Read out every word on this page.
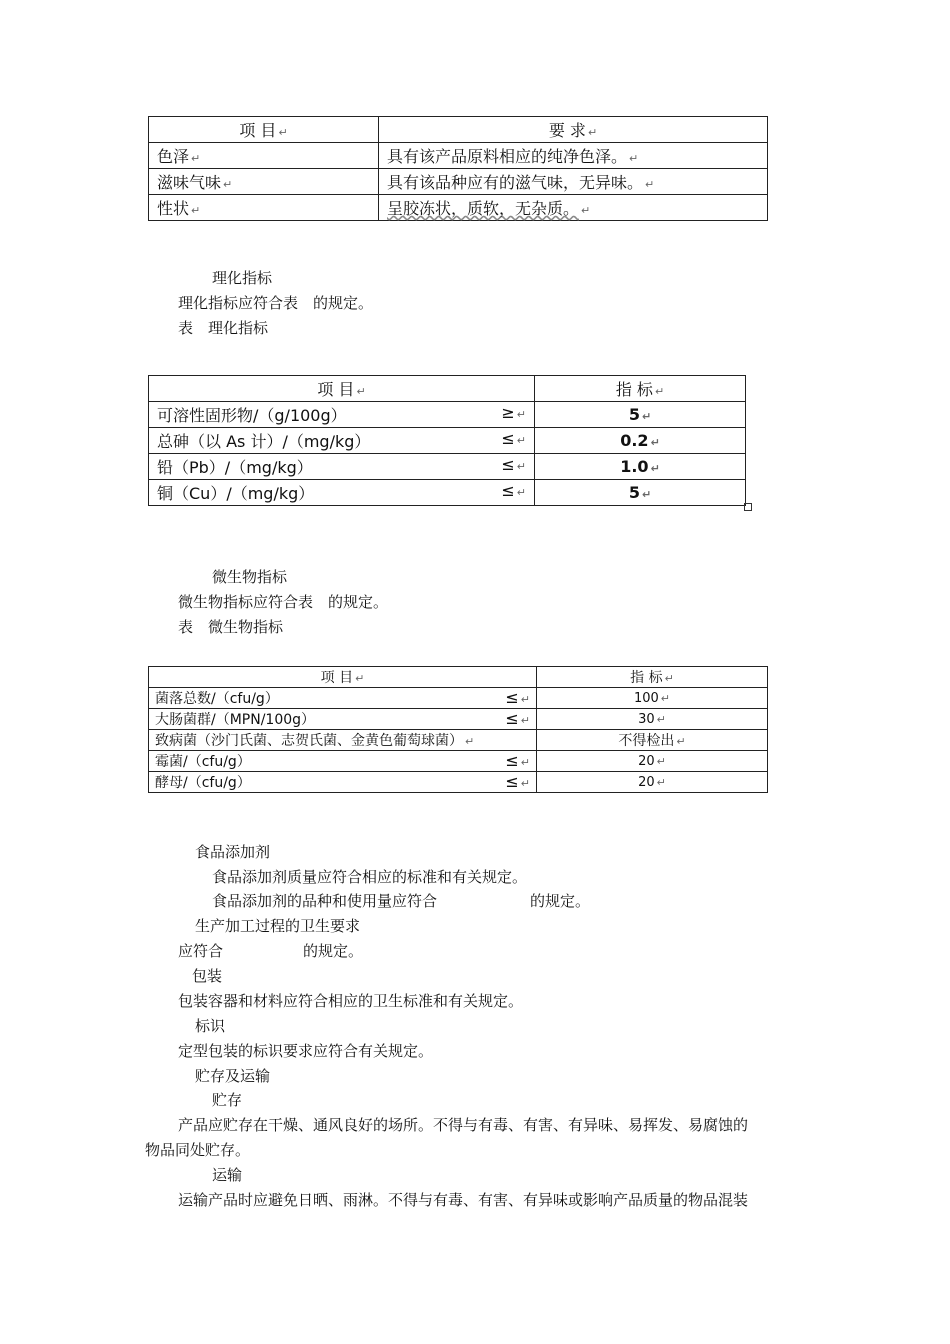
项 目 ↵	要 求 ↵
色泽 ↵	具有该产品原料相应的纯净色泽。 ↵
滋味气味 ↵	具有该品种应有的滋气味，无异味。 ↵
性状 ↵	呈胶冻状，质软，无杂质。 ↵
理化指标
理化指标应符合表　的规定。
表　理化指标
项 目 ↵	指 标 ↵
可溶性固形物/（g/100g） ≥ ↵	5 ↵
总砷（以 As 计）/（mg/kg） ≤ ↵	0.2 ↵
铅（Pb）/（mg/kg） ≤ ↵	1.0 ↵
铜（Cu）/（mg/kg） ≤ ↵	5 ↵
微生物指标
微生物指标应符合表　的规定。
表　微生物指标
项 目 ↵	指 标 ↵
菌落总数/（cfu/g） ≤ ↵	100 ↵
大肠菌群/（MPN/100g） ≤ ↵	30 ↵
致病菌（沙门氏菌、志贺氏菌、金黄色葡萄球菌） ↵	不得检出 ↵
霉菌/（cfu/g） ≤ ↵	20 ↵
酵母/（cfu/g） ≤ ↵	20 ↵
食品添加剂
食品添加剂质量应符合相应的标准和有关规定。
食品添加剂的品种和使用量应符合	的规定。
生产加工过程的卫生要求
应符合	的规定。
包装
包装容器和材料应符合相应的卫生标准和有关规定。
标识
定型包装的标识要求应符合有关规定。
贮存及运输
贮存
产品应贮存在干燥、通风良好的场所。不得与有毒、有害、有异味、易挥发、易腐蚀的
物品同处贮存。
运输
运输产品时应避免日晒、雨淋。不得与有毒、有害、有异味或影响产品质量的物品混装
